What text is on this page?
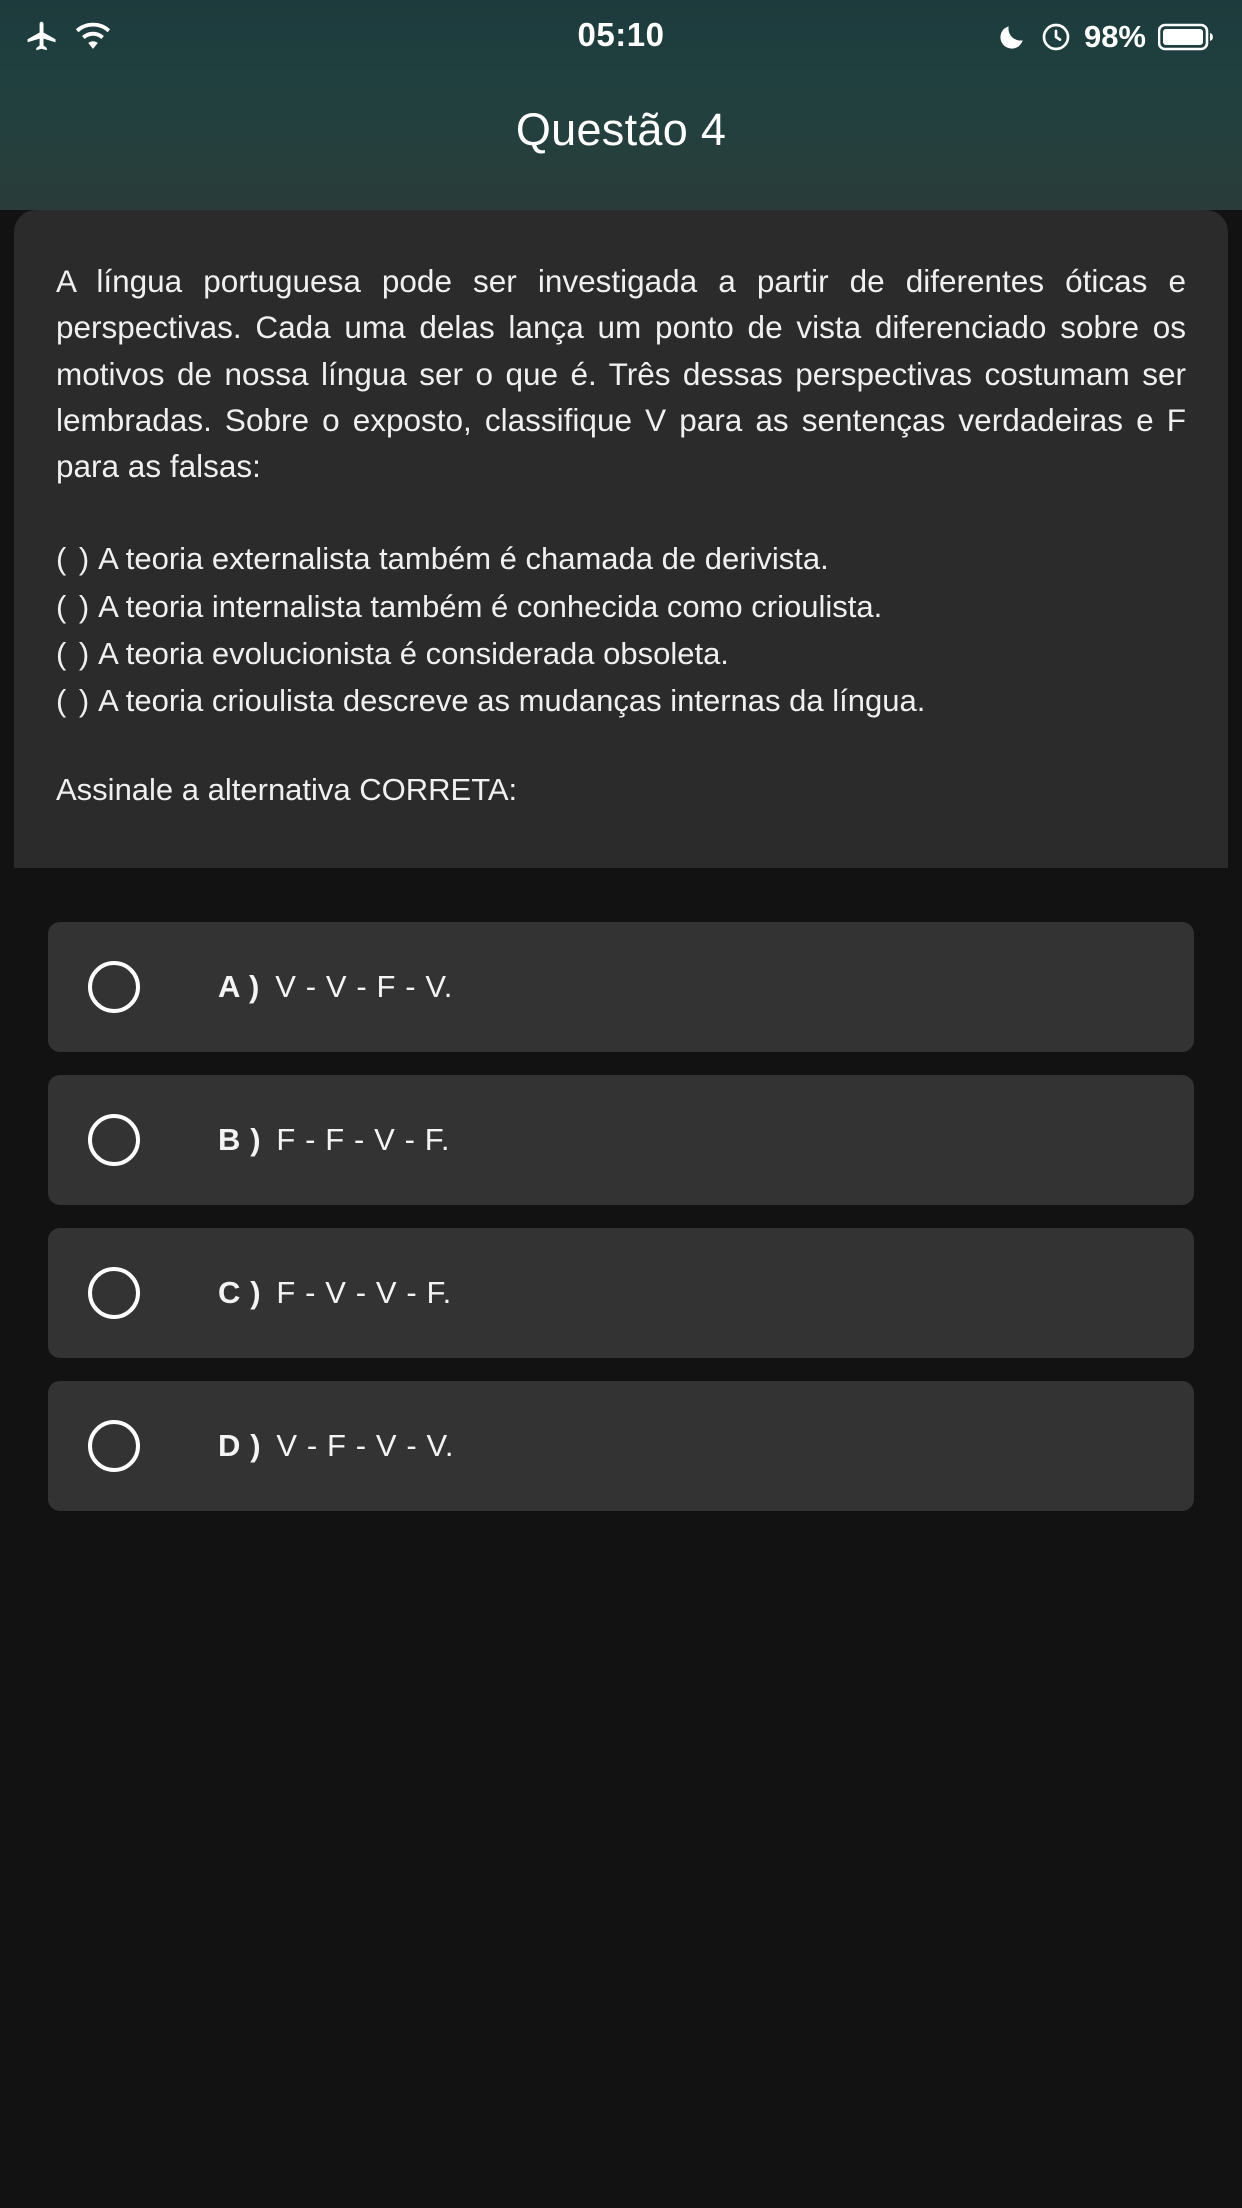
05:10	98%
Questão 4
A língua portuguesa pode ser investigada a partir de diferentes óticas e perspectivas. Cada uma delas lança um ponto de vista diferenciado sobre os motivos de nossa língua ser o que é. Três dessas perspectivas costumam ser lembradas. Sobre o exposto, classifique V para as sentenças verdadeiras e F para as falsas:
( ) A teoria externalista também é chamada de derivista.
( ) A teoria internalista também é conhecida como crioulista.
( ) A teoria evolucionista é considerada obsoleta.
( ) A teoria crioulista descreve as mudanças internas da língua.
Assinale a alternativa CORRETA:
A ) V - V - F - V.
B ) F - F - V - F.
C ) F - V - V - F.
D ) V - F - V - V.
